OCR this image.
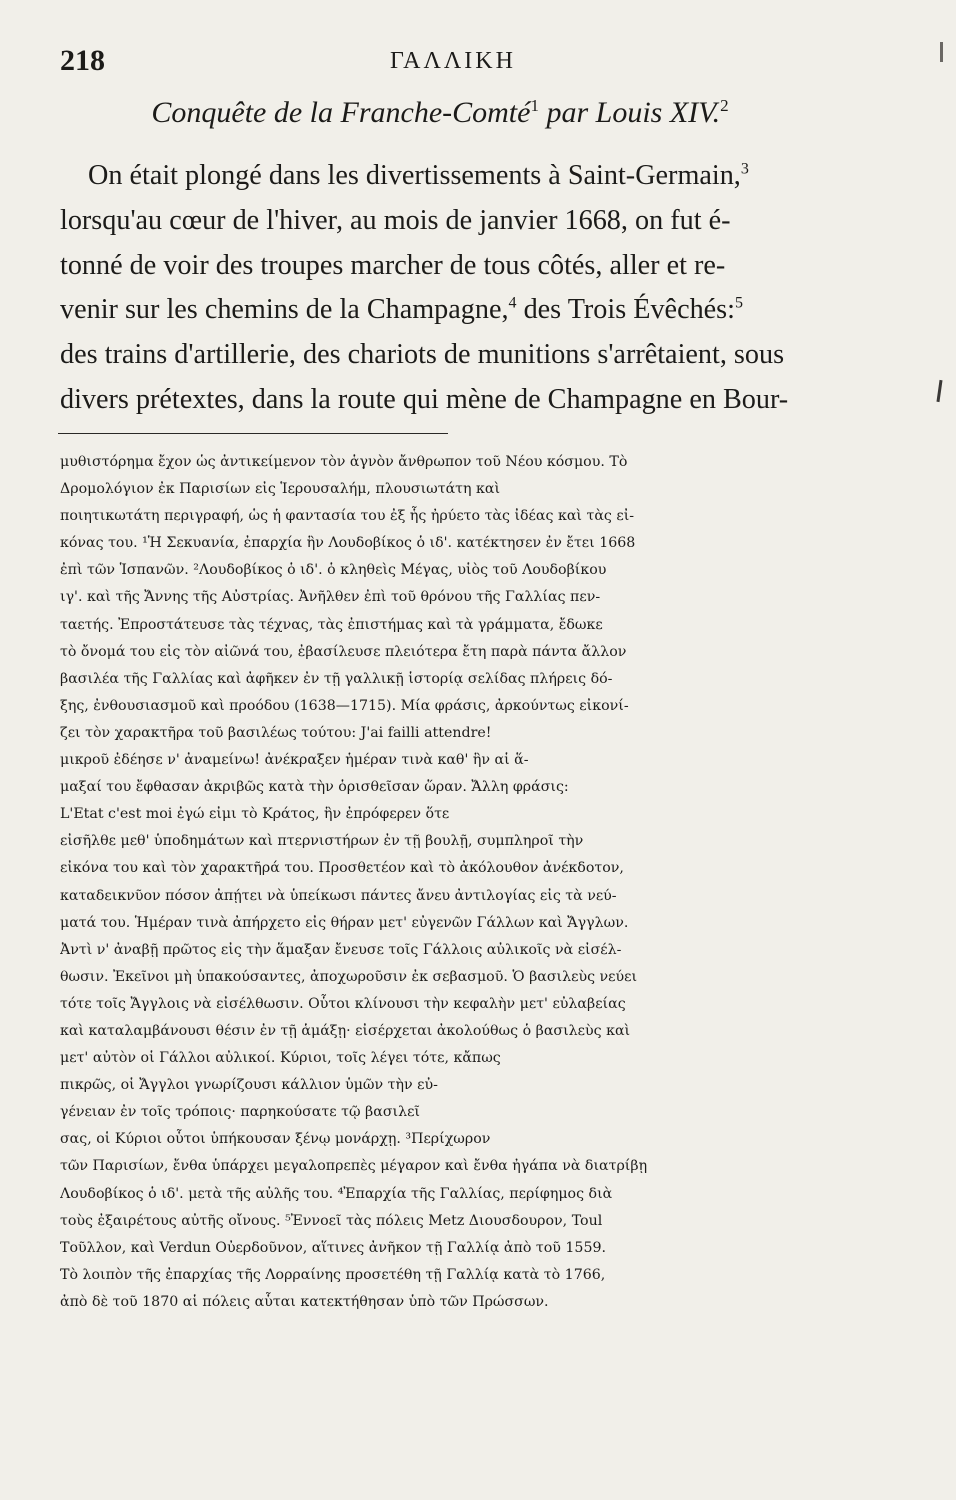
218	ΓΑΛΛΙΚΗ
Conquête de la Franche-Comté$^1$ par Louis XIV.$^2$
On était plongé dans les divertissements à Saint-Germain,$^3$
lorsqu'au cœur de l'hiver, au mois de janvier 1668, on fut é-
tonné de voir des troupes marcher de tous côtés, aller et re-
venir sur les chemins de la Champagne,$^4$ des Trois Évêchés:$^5$
des trains d'artillerie, des chariots de munitions s'arrêtaient, sous
divers prétextes, dans la route qui mène de Champagne en Bour-
μυθιστόρημα ἔχον ὡς ἀντικείμενον τὸν ἁγνὸν ἄνθρωπον τοῦ Νέου κόσμου. Τὸ
Δρομολόγιον ἐκ Παρισίων εἰς Ἱερουσαλήμ, πλουσιωτάτη καὶ
ποιητικωτάτη περιγραφή, ὡς ἡ φαντασία του ἐξ ἧς ἠρύετο τὰς ἰδέας καὶ τὰς εἰ-
κόνας του. ¹Ἡ Σεκυανία, ἐπαρχία ἣν Λουδοβίκος ὁ ιδ'. κατέκτησεν ἐν ἔτει 1668
ἐπὶ τῶν Ἱσπανῶν. ²Λουδοβίκος ὁ ιδ'. ὁ κληθεὶς Μέγας, υἱὸς τοῦ Λουδοβίκου
ιγ'. καὶ τῆς Ἄννης τῆς Αὐστρίας. Ἀνῆλθεν ἐπὶ τοῦ θρόνου τῆς Γαλλίας πεν-
ταετής. Ἐπροστάτευσε τὰς τέχνας, τὰς ἐπιστήμας καὶ τὰ γράμματα, ἔδωκε
τὸ ὄνομά του εἰς τὸν αἰῶνά του, ἐβασίλευσε πλειότερα ἔτη παρὰ πάντα ἄλλον
βασιλέα τῆς Γαλλίας καὶ ἀφῆκεν ἐν τῇ γαλλικῇ ἱστορίᾳ σελίδας πλήρεις δό-
ξης, ἐνθουσιασμοῦ καὶ προόδου (1638—1715). Μία φράσις, ἀρκούντως εἰκονί-
ζει τὸν χαρακτῆρα τοῦ βασιλέως τούτου: J'ai failli attendre!
μικροῦ ἐδέησε ν' ἀναμείνω! ἀνέκραξεν ἡμέραν τινὰ καθ' ἣν αἱ ἅ-
μαξαί του ἔφθασαν ἀκριβῶς κατὰ τὴν ὁρισθεῖσαν ὥραν. Ἄλλη φράσις:
L'Etat c'est moi ἐγώ εἰμι τὸ Κράτος, ἣν ἐπρόφερεν ὅτε
εἰσῆλθε μεθ' ὑποδημάτων καὶ πτερνιστήρων ἐν τῇ βουλῇ, συμπληροῖ τὴν
εἰκόνα του καὶ τὸν χαρακτῆρά του. Προσθετέον καὶ τὸ ἀκόλουθον ἀνέκδοτον,
καταδεικνῦον πόσον ἀπῄτει νὰ ὑπείκωσι πάντες ἄνευ ἀντιλογίας εἰς τὰ νεύ-
ματά του. Ἡμέραν τινὰ ἀπήρχετο εἰς θήραν μετ' εὐγενῶν Γάλλων καὶ Ἄγγλων.
Ἀντὶ ν' ἀναβῇ πρῶτος εἰς τὴν ἅμαξαν ἔνευσε τοῖς Γάλλοις αὐλικοῖς νὰ εἰσέλ-
θωσιν. Ἐκεῖνοι μὴ ὑπακούσαντες, ἀποχωροῦσιν ἐκ σεβασμοῦ. Ὁ βασιλεὺς νεύει
τότε τοῖς Ἄγγλοις νὰ εἰσέλθωσιν. Οὗτοι κλίνουσι τὴν κεφαλὴν μετ' εὐλαβείας
καὶ καταλαμβάνουσι θέσιν ἐν τῇ ἁμάξῃ· εἰσέρχεται ἀκολούθως ὁ βασιλεὺς καὶ
μετ' αὐτὸν οἱ Γάλλοι αὐλικοί. Κύριοι, τοῖς λέγει τότε, κἄπως
πικρῶς, οἱ Ἄγγλοι γνωρίζουσι κάλλιον ὑμῶν τὴν εὐ-
γένειαν ἐν τοῖς τρόποις· παρηκούσατε τῷ βασιλεῖ
σας, οἱ Κύριοι οὗτοι ὑπήκουσαν ξένῳ μονάρχῃ. ³Περίχωρον
τῶν Παρισίων, ἔνθα ὑπάρχει μεγαλοπρεπὲς μέγαρον καὶ ἔνθα ἠγάπα νὰ διατρίβῃ
Λουδοβίκος ὁ ιδ'. μετὰ τῆς αὐλῆς του. ⁴Ἐπαρχία τῆς Γαλλίας, περίφημος διὰ
τοὺς ἐξαιρέτους αὐτῆς οἴνους. ⁵Ἐννοεῖ τὰς πόλεις Metz Διουσδουρον, Toul
Τοῦλλον, καὶ Verdun Οὐερδοῦνον, αἵτινες ἀνῆκον τῇ Γαλλίᾳ ἀπὸ τοῦ 1559.
Τὸ λοιπὸν τῆς ἐπαρχίας τῆς Λορραίνης προσετέθη τῇ Γαλλίᾳ κατὰ τὸ 1766,
ἀπὸ δὲ τοῦ 1870 αἱ πόλεις αὗται κατεκτήθησαν ὑπὸ τῶν Πρώσσων.
